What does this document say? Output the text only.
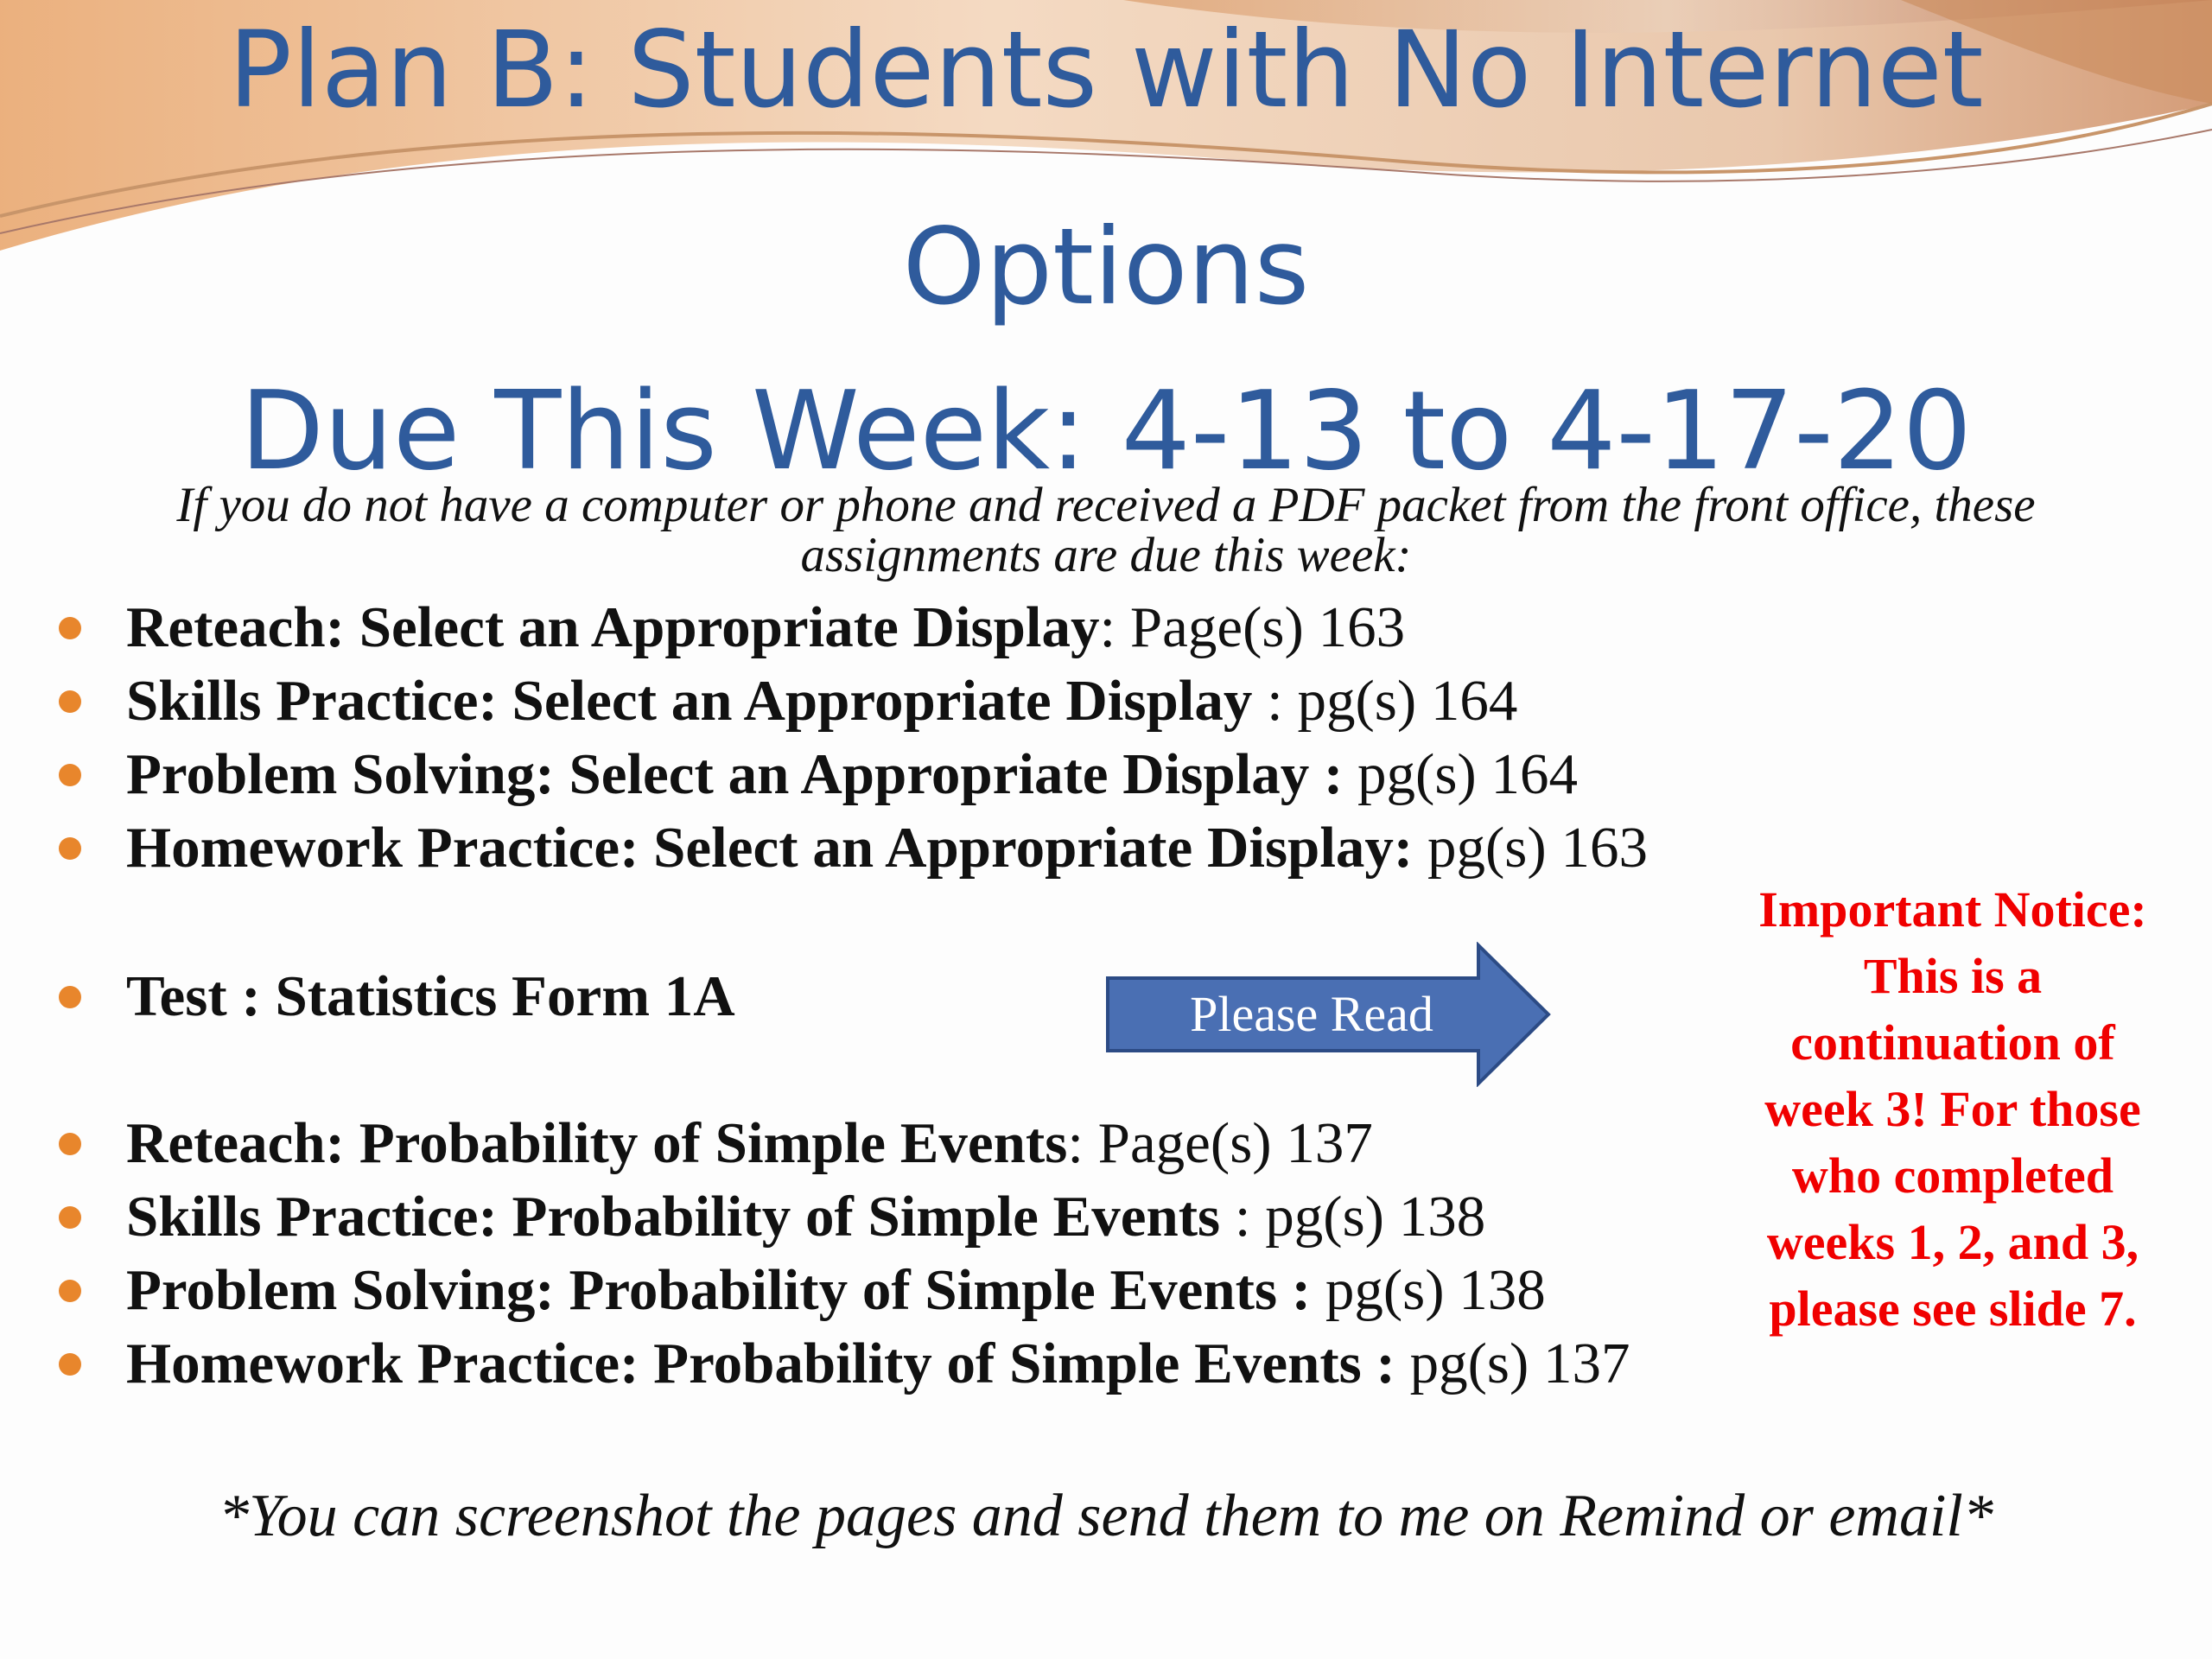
Plan B: Students with No Internet
Options
Due This Week: 4-13 to 4-17-20
If you do not have a computer or phone and received a PDF packet from the front office, these
assignments are due this week:
Reteach: Select an Appropriate Display: Page(s) 163
Skills Practice: Select an Appropriate Display : pg(s) 164
Problem Solving: Select an Appropriate Display : pg(s) 164
Homework Practice: Select an Appropriate Display: pg(s) 163
Test : Statistics Form 1A
Reteach: Probability of Simple Events: Page(s) 137
Skills Practice: Probability of Simple Events : pg(s) 138
Problem Solving: Probability of Simple Events : pg(s) 138
Homework Practice: Probability of Simple Events : pg(s) 137
Please Read
Important Notice:
This is a
continuation of
week 3! For those
who completed
weeks 1, 2, and 3,
please see slide 7.
*You can screenshot the pages and send them to me on Remind or email*
